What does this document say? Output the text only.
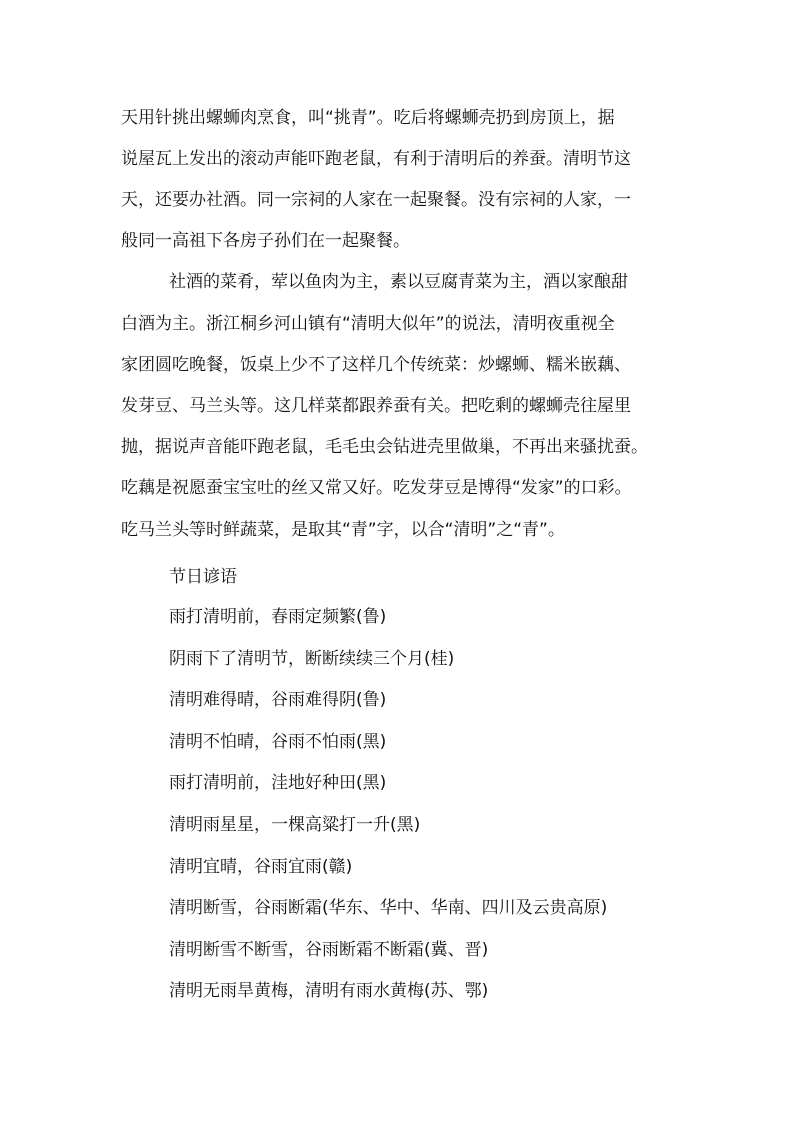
天用针挑出螺蛳肉烹食，叫“挑青”。吃后将螺蛳壳扔到房顶上，据
说屋瓦上发出的滚动声能吓跑老鼠，有利于清明后的养蚕。清明节这
天，还要办社酒。同一宗祠的人家在一起聚餐。没有宗祠的人家，一
般同一高祖下各房子孙们在一起聚餐。
社酒的菜肴，荤以鱼肉为主，素以豆腐青菜为主，酒以家酿甜
白酒为主。浙江桐乡河山镇有“清明大似年”的说法，清明夜重视全
家团圆吃晚餐，饭桌上少不了这样几个传统菜：炒螺蛳、糯米嵌藕、
发芽豆、马兰头等。这几样菜都跟养蚕有关。把吃剩的螺蛳壳往屋里
抛，据说声音能吓跑老鼠，毛毛虫会钻进壳里做巢，不再出来骚扰蚕。
吃藕是祝愿蚕宝宝吐的丝又常又好。吃发芽豆是博得“发家”的口彩。
吃马兰头等时鲜蔬菜，是取其“青”字，以合“清明”之“青”。
节日谚语
雨打清明前，春雨定频繁(鲁)
阴雨下了清明节，断断续续三个月(桂)
清明难得晴，谷雨难得阴(鲁)
清明不怕晴，谷雨不怕雨(黑)
雨打清明前，洼地好种田(黑)
清明雨星星，一棵高粱打一升(黑)
清明宜晴，谷雨宜雨(赣)
清明断雪，谷雨断霜(华东、华中、华南、四川及云贵高原)
清明断雪不断雪，谷雨断霜不断霜(冀、晋)
清明无雨旱黄梅，清明有雨水黄梅(苏、鄂)
